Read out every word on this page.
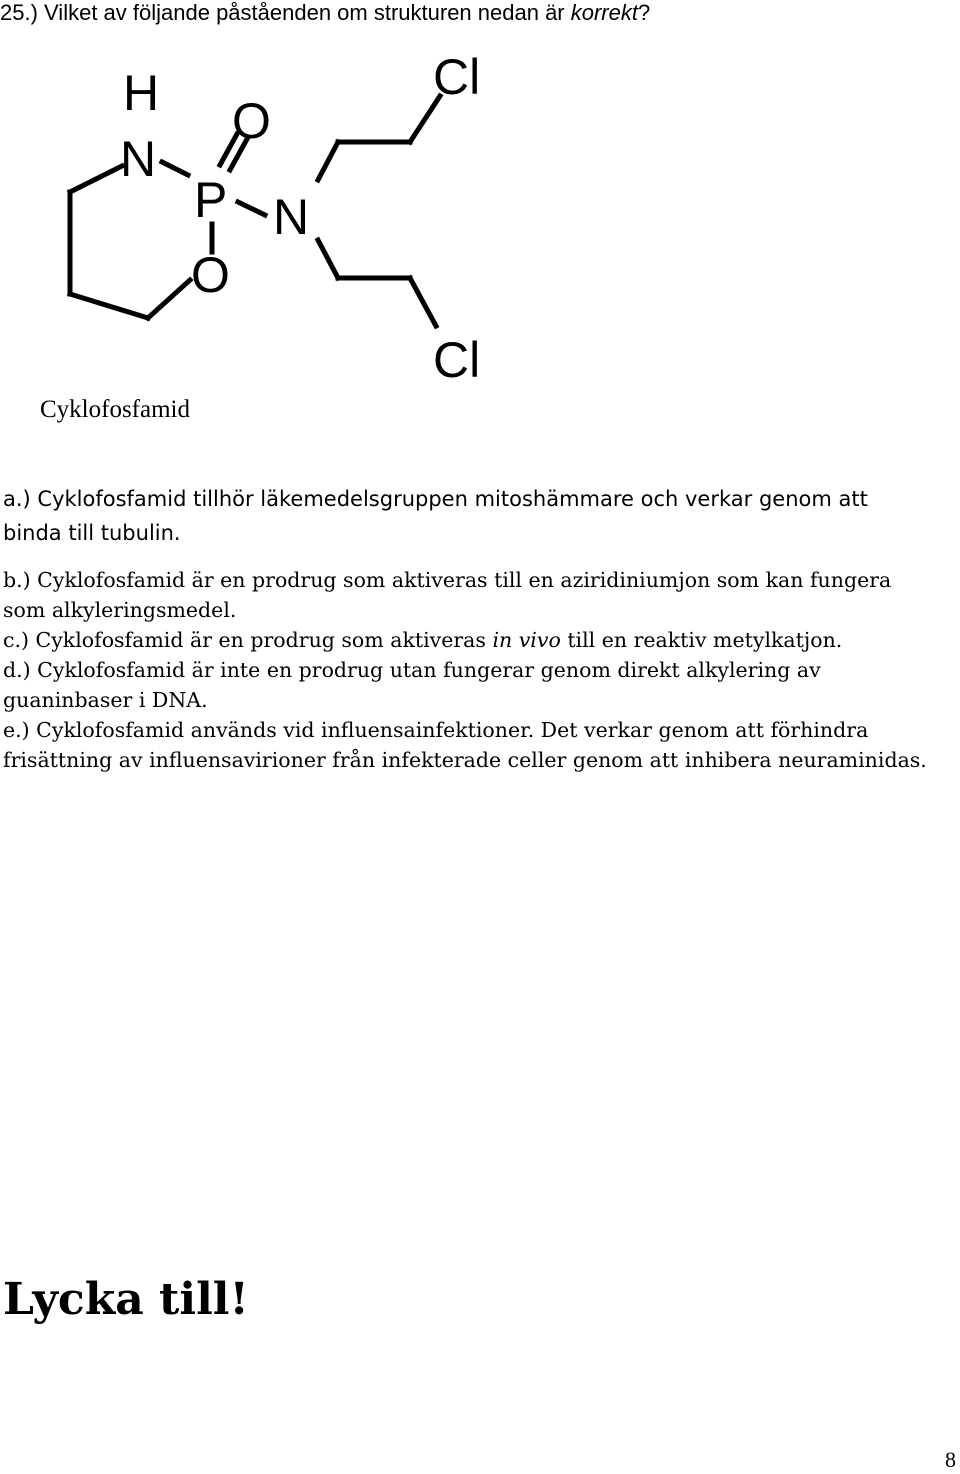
25.) Vilket av följande påståenden om strukturen nedan är korrekt?
H
N
P
O
O
N
Cl
Cl
Cyklofosfamid

a.) Cyklofosfamid tillhör läkemedelsgruppen mitoshämmare och verkar genom att binda till tubulin.

b.) Cyklofosfamid är en prodrug som aktiveras till en aziridiniumjon som kan fungera som alkyleringsmedel.

c.) Cyklofosfamid är en prodrug som aktiveras in vivo till en reaktiv metylkatjon.

d.) Cyklofosfamid är inte en prodrug utan fungerar genom direkt alkylering av guaninbaser i DNA.

e.) Cyklofosfamid används vid influensainfektioner. Det verkar genom att förhindra frisättning av influensavirioner från infekterade celler genom att inhibera neuraminidas.

Lycka till!
8
